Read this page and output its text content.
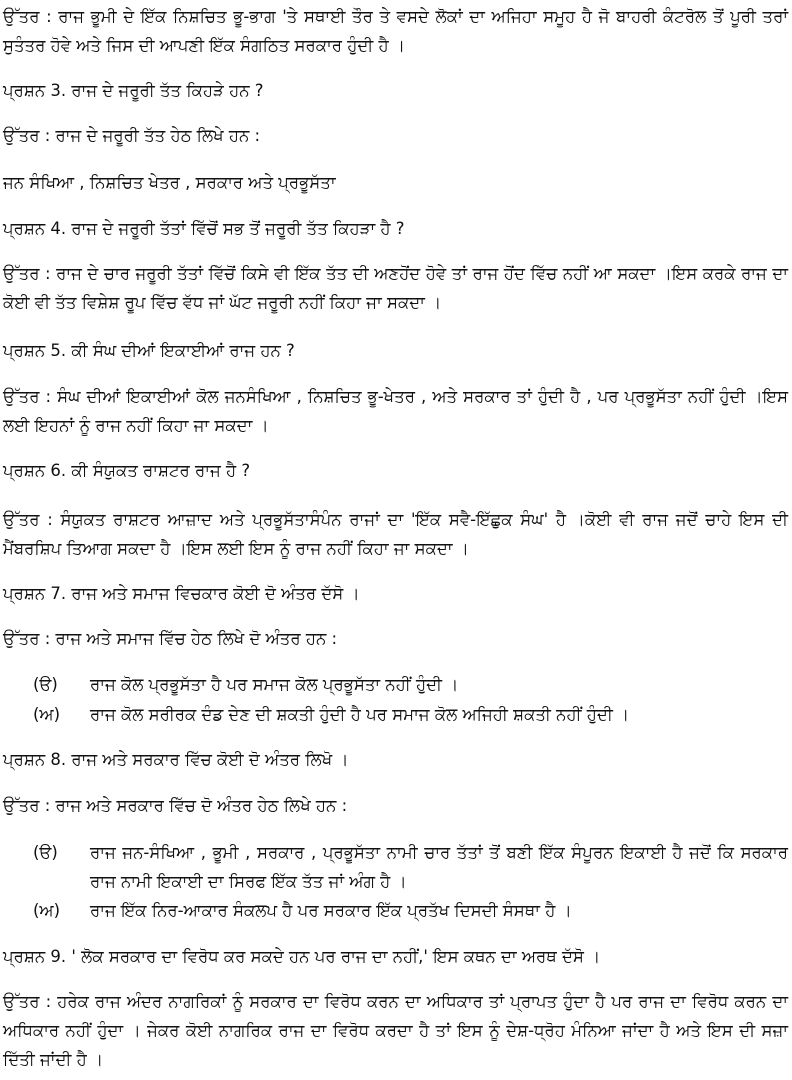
ਉੱਤਰ : ਰਾਜ ਭੂਮੀ ਦੇ ਇੱਕ ਨਿਸ਼ਚਿਤ ਭੂ-ਭਾਗ 'ਤੇ ਸਥਾਈ ਤੌਰ ਤੇ ਵਸਦੇ ਲੋਕਾਂ ਦਾ ਅਜਿਹਾ ਸਮੂਹ ਹੈ ਜੋ ਬਾਹਰੀ ਕੰਟਰੋਲ ਤੋਂ ਪੂਰੀ ਤਰਾਂ ਸੁਤੰਤਰ ਹੋਵੇ ਅਤੇ ਜਿਸ ਦੀ ਆਪਣੀ ਇੱਕ ਸੰਗਠਿਤ ਸਰਕਾਰ ਹੁੰਦੀ ਹੈ ।

ਪ੍ਰਸ਼ਨ 3. ਰਾਜ ਦੇ ਜਰੂਰੀ ਤੱਤ ਕਿਹੜੇ ਹਨ ?

ਉੱਤਰ : ਰਾਜ ਦੇ ਜਰੂਰੀ ਤੱਤ ਹੇਠ ਲਿਖੇ ਹਨ :

ਜਨ ਸੰਖਿਆ , ਨਿਸ਼ਚਿਤ ਖੇਤਰ , ਸਰਕਾਰ ਅਤੇ ਪ੍ਰਭੂਸੱਤਾ

ਪ੍ਰਸ਼ਨ 4. ਰਾਜ ਦੇ ਜਰੂਰੀ ਤੱਤਾਂ ਵਿੱਚੋਂ ਸਭ ਤੋਂ ਜਰੂਰੀ ਤੱਤ ਕਿਹੜਾ ਹੈ ?

ਉੱਤਰ : ਰਾਜ ਦੇ ਚਾਰ ਜਰੂਰੀ ਤੱਤਾਂ ਵਿੱਚੋਂ ਕਿਸੇ ਵੀ ਇੱਕ ਤੱਤ ਦੀ ਅਣਹੋਂਦ ਹੋਵੇ ਤਾਂ ਰਾਜ ਹੋਂਦ ਵਿੱਚ ਨਹੀਂ ਆ ਸਕਦਾ ।ਇਸ ਕਰਕੇ ਰਾਜ ਦਾ ਕੋਈ ਵੀ ਤੱਤ ਵਿਸ਼ੇਸ਼ ਰੂਪ ਵਿੱਚ ਵੱਧ ਜਾਂ ਘੱਟ ਜਰੂਰੀ ਨਹੀਂ ਕਿਹਾ ਜਾ ਸਕਦਾ ।

ਪ੍ਰਸ਼ਨ 5. ਕੀ ਸੰਘ ਦੀਆਂ ਇਕਾਈਆਂ ਰਾਜ ਹਨ ?

ਉੱਤਰ : ਸੰਘ ਦੀਆਂ ਇਕਾਈਆਂ ਕੋਲ ਜਨਸੰਖਿਆ , ਨਿਸ਼ਚਿਤ ਭੂ-ਖੇਤਰ , ਅਤੇ ਸਰਕਾਰ ਤਾਂ ਹੁੰਦੀ ਹੈ , ਪਰ ਪ੍ਰਭੂਸੱਤਾ ਨਹੀਂ ਹੁੰਦੀ ।ਇਸ ਲਈ ਇਹਨਾਂ ਨੂੰ ਰਾਜ ਨਹੀਂ ਕਿਹਾ ਜਾ ਸਕਦਾ ।

ਪ੍ਰਸ਼ਨ 6. ਕੀ ਸੰਯੁਕਤ ਰਾਸ਼ਟਰ ਰਾਜ ਹੈ ?

ਉੱਤਰ : ਸੰਯੁਕਤ ਰਾਸ਼ਟਰ ਆਜ਼ਾਦ ਅਤੇ ਪ੍ਰਭੂਸੱਤਾਸੰਪੰਨ ਰਾਜਾਂ ਦਾ 'ਇੱਕ ਸਵੈ-ਇੱਛੁਕ ਸੰਘ' ਹੈ ।ਕੋਈ ਵੀ ਰਾਜ ਜਦੋਂ ਚਾਹੇ ਇਸ ਦੀ ਮੈਂਬਰਸ਼ਿਪ ਤਿਆਗ ਸਕਦਾ ਹੈ ।ਇਸ ਲਈ ਇਸ ਨੂੰ ਰਾਜ ਨਹੀਂ ਕਿਹਾ ਜਾ ਸਕਦਾ ।

ਪ੍ਰਸ਼ਨ 7. ਰਾਜ ਅਤੇ ਸਮਾਜ ਵਿਚਕਾਰ ਕੋਈ ਦੋ ਅੰਤਰ ਦੱਸੋ ।

ਉੱਤਰ : ਰਾਜ ਅਤੇ ਸਮਾਜ ਵਿੱਚ ਹੇਠ ਲਿਖੇ ਦੋ ਅੰਤਰ ਹਨ :

(ੳ) ਰਾਜ ਕੋਲ ਪ੍ਰਭੂਸੱਤਾ ਹੈ ਪਰ ਸਮਾਜ ਕੋਲ ਪ੍ਰਭੂਸੱਤਾ ਨਹੀਂ ਹੁੰਦੀ ।
(ਅ) ਰਾਜ ਕੋਲ ਸਰੀਰਕ ਦੰਡ ਦੇਣ ਦੀ ਸ਼ਕਤੀ ਹੁੰਦੀ ਹੈ ਪਰ ਸਮਾਜ ਕੋਲ ਅਜਿਹੀ ਸ਼ਕਤੀ ਨਹੀਂ ਹੁੰਦੀ ।

ਪ੍ਰਸ਼ਨ 8. ਰਾਜ ਅਤੇ ਸਰਕਾਰ ਵਿੱਚ ਕੋਈ ਦੋ ਅੰਤਰ ਲਿਖੋ ।

ਉੱਤਰ : ਰਾਜ ਅਤੇ ਸਰਕਾਰ ਵਿੱਚ ਦੋ ਅੰਤਰ ਹੇਠ ਲਿਖੇ ਹਨ :

(ੳ) ਰਾਜ ਜਨ-ਸੰਖਿਆ , ਭੂਮੀ , ਸਰਕਾਰ , ਪ੍ਰਭੂਸੱਤਾ ਨਾਮੀ ਚਾਰ ਤੱਤਾਂ ਤੋਂ ਬਣੀ ਇੱਕ ਸੰਪੂਰਨ ਇਕਾਈ ਹੈ ਜਦੋਂ ਕਿ ਸਰਕਾਰ ਰਾਜ ਨਾਮੀ ਇਕਾਈ ਦਾ ਸਿਰਫ ਇੱਕ ਤੱਤ ਜਾਂ ਅੰਗ ਹੈ ।
(ਅ) ਰਾਜ ਇੱਕ ਨਿਰ-ਆਕਾਰ ਸੰਕਲਪ ਹੈ ਪਰ ਸਰਕਾਰ ਇੱਕ ਪ੍ਰਤੱਖ ਦਿਸਦੀ ਸੰਸਥਾ ਹੈ ।

ਪ੍ਰਸ਼ਨ 9. ' ਲੋਕ ਸਰਕਾਰ ਦਾ ਵਿਰੋਧ ਕਰ ਸਕਦੇ ਹਨ ਪਰ ਰਾਜ ਦਾ ਨਹੀਂ,' ਇਸ ਕਥਨ ਦਾ ਅਰਥ ਦੱਸੋ ।

ਉੱਤਰ : ਹਰੇਕ ਰਾਜ ਅੰਦਰ ਨਾਗਰਿਕਾਂ ਨੂੰ ਸਰਕਾਰ ਦਾ ਵਿਰੋਧ ਕਰਨ ਦਾ ਅਧਿਕਾਰ ਤਾਂ ਪ੍ਰਾਪਤ ਹੁੰਦਾ ਹੈ ਪਰ ਰਾਜ ਦਾ ਵਿਰੋਧ ਕਰਨ ਦਾ ਅਧਿਕਾਰ ਨਹੀਂ ਹੁੰਦਾ । ਜੇਕਰ ਕੋਈ ਨਾਗਰਿਕ ਰਾਜ ਦਾ ਵਿਰੋਧ ਕਰਦਾ ਹੈ ਤਾਂ ਇਸ ਨੂੰ ਦੇਸ਼-ਧ੍ਰੋਹ ਮੰਨਿਆ ਜਾਂਦਾ ਹੈ ਅਤੇ ਇਸ ਦੀ ਸਜ਼ਾ ਦਿੱਤੀ ਜਾਂਦੀ ਹੈ ।
